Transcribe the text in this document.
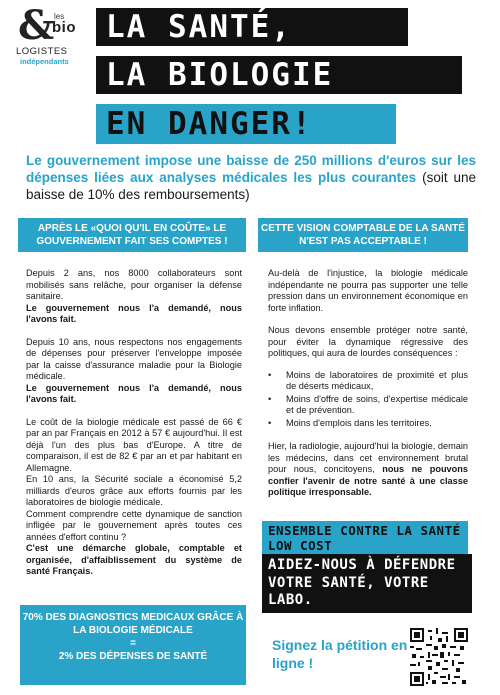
& les
bio
LOGISTES
indépendants
LA SANTÉ,
LA BIOLOGIE
EN DANGER!
Le gouvernement impose une baisse de 250 millions d'euros sur les dépenses liées aux analyses médicales les plus courantes (soit une baisse de 10% des remboursements)
APRÈS LE «QUOI QU'IL EN COÛTE» LE GOUVERNEMENT FAIT SES COMPTES !
CETTE VISION COMPTABLE DE LA SANTÉ N'EST PAS ACCEPTABLE !

Depuis 2 ans, nos 8000 collaborateurs sont mobilisés sans relâche, pour organiser la défense sanitaire.
Le gouvernement nous l'a demandé, nous l'avons fait.

Depuis 10 ans, nous respectons nos engagements de dépenses pour préserver l'enveloppe imposée par la caisse d'assurance maladie pour la Biologie médicale.
Le gouvernement nous l'a demandé, nous l'avons fait.

Le coût de la biologie médicale est passé de 66 € par an par Français en 2012 à 57 € aujourd'hui. Il est déjà l'un des plus bas d'Europe. A titre de comparaison, il est de 82 € par an et par habitant en Allemagne.
En 10 ans, la Sécurité sociale a économisé 5,2 milliards d'euros grâce aux efforts fournis par les laboratoires de biologie médicale.
Comment comprendre cette dynamique de sanction infligée par le gouvernement après toutes ces années d'effort continu ?
C'est une démarche globale, comptable et organisée, d'affaiblissement du système de santé Français.

Au-delà de l'injustice, la biologie médicale indépendante ne pourra pas supporter une telle pression dans un environnement économique en forte inflation.

Nous devons ensemble protéger notre santé, pour éviter la dynamique régressive des politiques, qui aura de lourdes conséquences :

• Moins de laboratoires de proximité et plus de déserts médicaux,
• Moins d'offre de soins, d'expertise médicale et de prévention.
• Moins d'emplois dans les territoires.

Hier, la radiologie, aujourd'hui la biologie, demain les médecins, dans cet environnement brutal pour nous, concitoyens, nous ne pouvons confier l'avenir de notre santé à une classe politique irresponsable.

70% DES DIAGNOSTICS MEDICAUX GRÂCE À LA BIOLOGIE MÉDICALE
=
2% DES DÉPENSES DE SANTÉ
ENSEMBLE CONTRE LA SANTÉ LOW COST
AIDEZ-NOUS À DÉFENDRE VOTRE SANTÉ, VOTRE LABO.
Signez la pétition en ligne !
